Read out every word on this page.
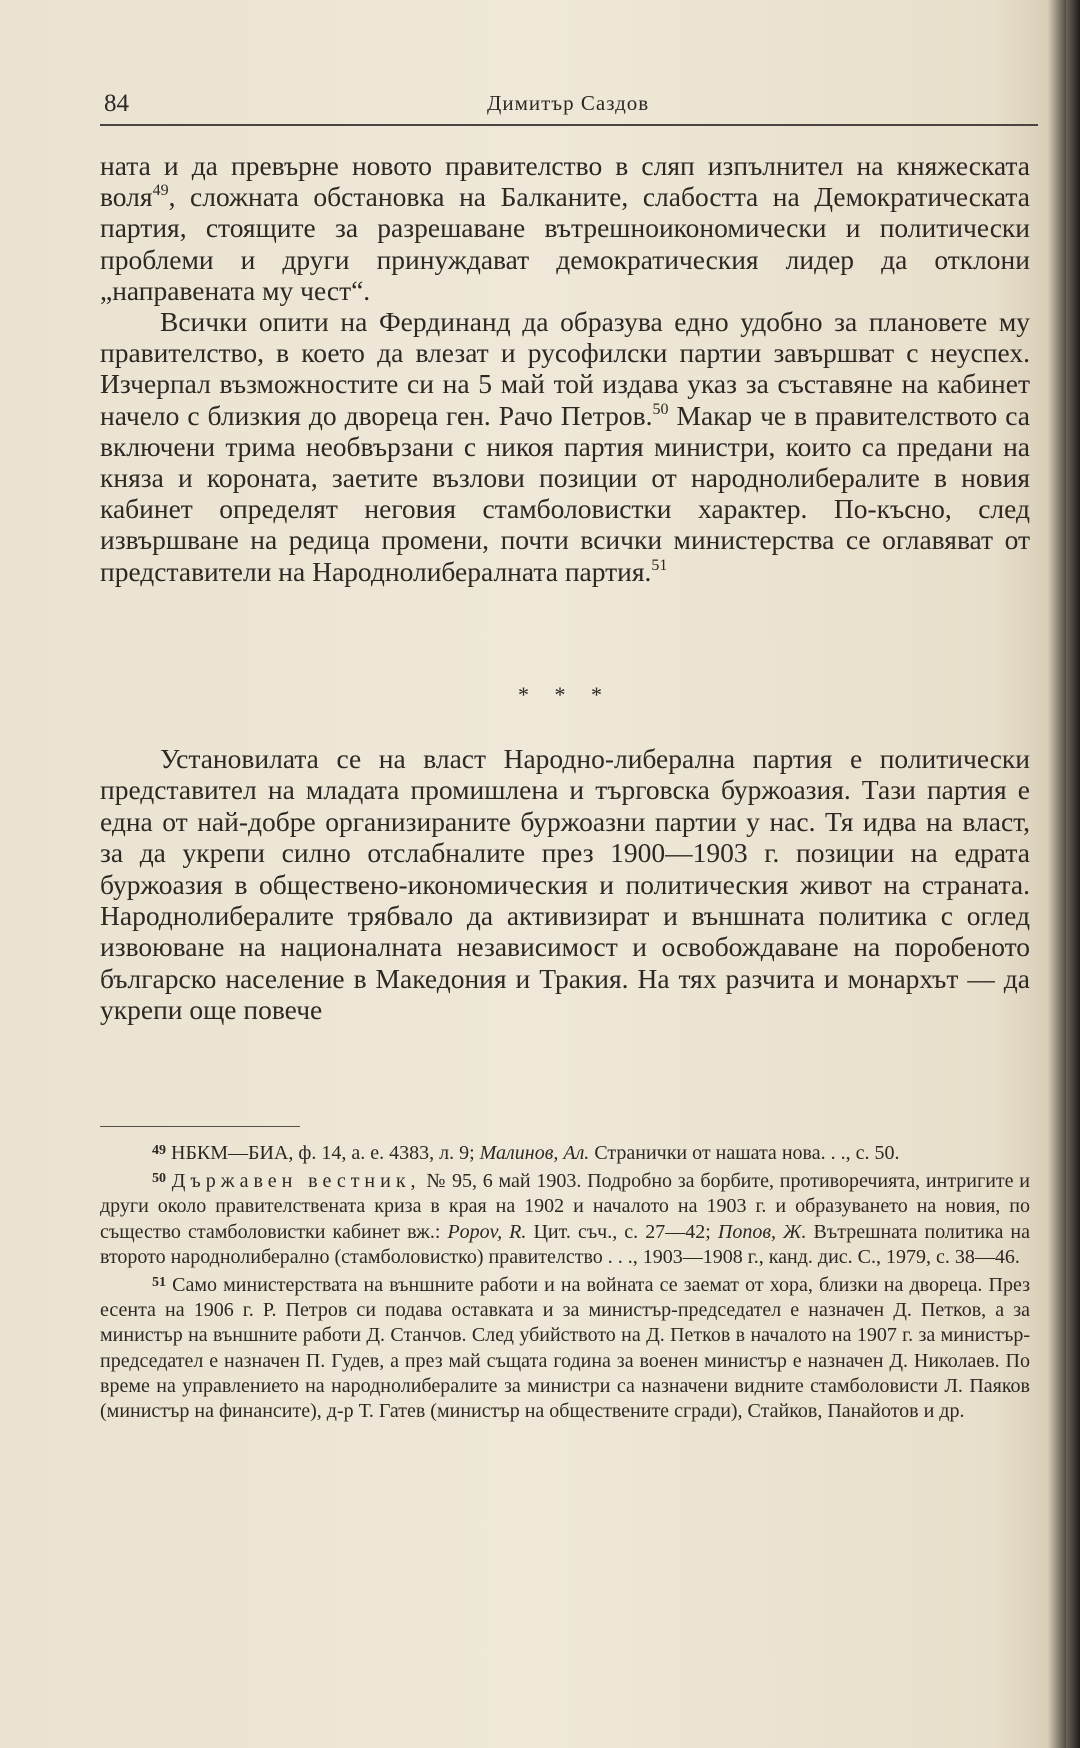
84	Димитър Саздов

ната и да превърне новото правителство в сляп изпълнител на княжеската воля$^{49}$, сложната обстановка на Балканите, слабостта на Демократическата партия, стоящите за разрешаване вътрешноикономически и политически проблеми и други принуждават демократическия лидер да отклони „направената му чест“.

Всички опити на Фердинанд да образува едно удобно за плановете му правителство, в което да влезат и русофилски партии завършват с неуспех. Изчерпал възможностите си на 5 май той издава указ за съставяне на кабинет начело с близкия до двореца ген. Рачо Петров.$^{50}$ Макар че в правителството са включени трима необвързани с никоя партия министри, които са предани на княза и короната, заетите възлови позиции от народнолибералите в новия кабинет определят неговия стамболовистки характер. По-късно, след извършване на редица промени, почти всички министерства се оглавяват от представители на Народнолибералната партия.$^{51}$

* * *

Установилата се на власт Народно-либерална партия е политически представител на младата промишлена и търговска буржоазия. Тази партия е една от най-добре организираните буржоазни партии у нас. Тя идва на власт, за да укрепи силно отслабналите през 1900—1903 г. позиции на едрата буржоазия в обществено-икономическия и политическия живот на страната. Народнолибералите трябвало да активизират и външната политика с оглед извоюване на националната независимост и освобождаване на поробеното българско население в Македония и Тракия. На тях разчита и монархът — да укрепи още повече

$^{49}$ НБКМ—БИА, ф. 14, а. е. 4383, л. 9; Малинов, Ал. Странички от нашата нова. . ., с. 50.

$^{50}$ Държавен вестник, № 95, 6 май 1903. Подробно за борбите, противоречията, интригите и други около правителствената криза в края на 1902 и началото на 1903 г. и образуването на новия, по същество стамболовистки кабинет вж.: Popov, R. Цит. съч., с. 27—42; Попов, Ж. Вътрешната политика на второто народнолиберално (стамболовистко) правителство . . ., 1903—1908 г., канд. дис. С., 1979, с. 38—46.

$^{51}$ Само министерствата на външните работи и на войната се заемат от хора, близки на двореца. През есента на 1906 г. Р. Петров си подава оставката и за министър-председател е назначен Д. Петков, а за министър на външните работи Д. Станчов. След убийството на Д. Петков в началото на 1907 г. за министър-председател е назначен П. Гудев, а през май същата година за военен министър е назначен Д. Николаев. По време на управлението на народнолибералите за министри са назначени видните стамболовисти Л. Паяков (министър на финансите), д-р Т. Гатев (министър на обществените сгради), Стайков, Панайотов и др.
